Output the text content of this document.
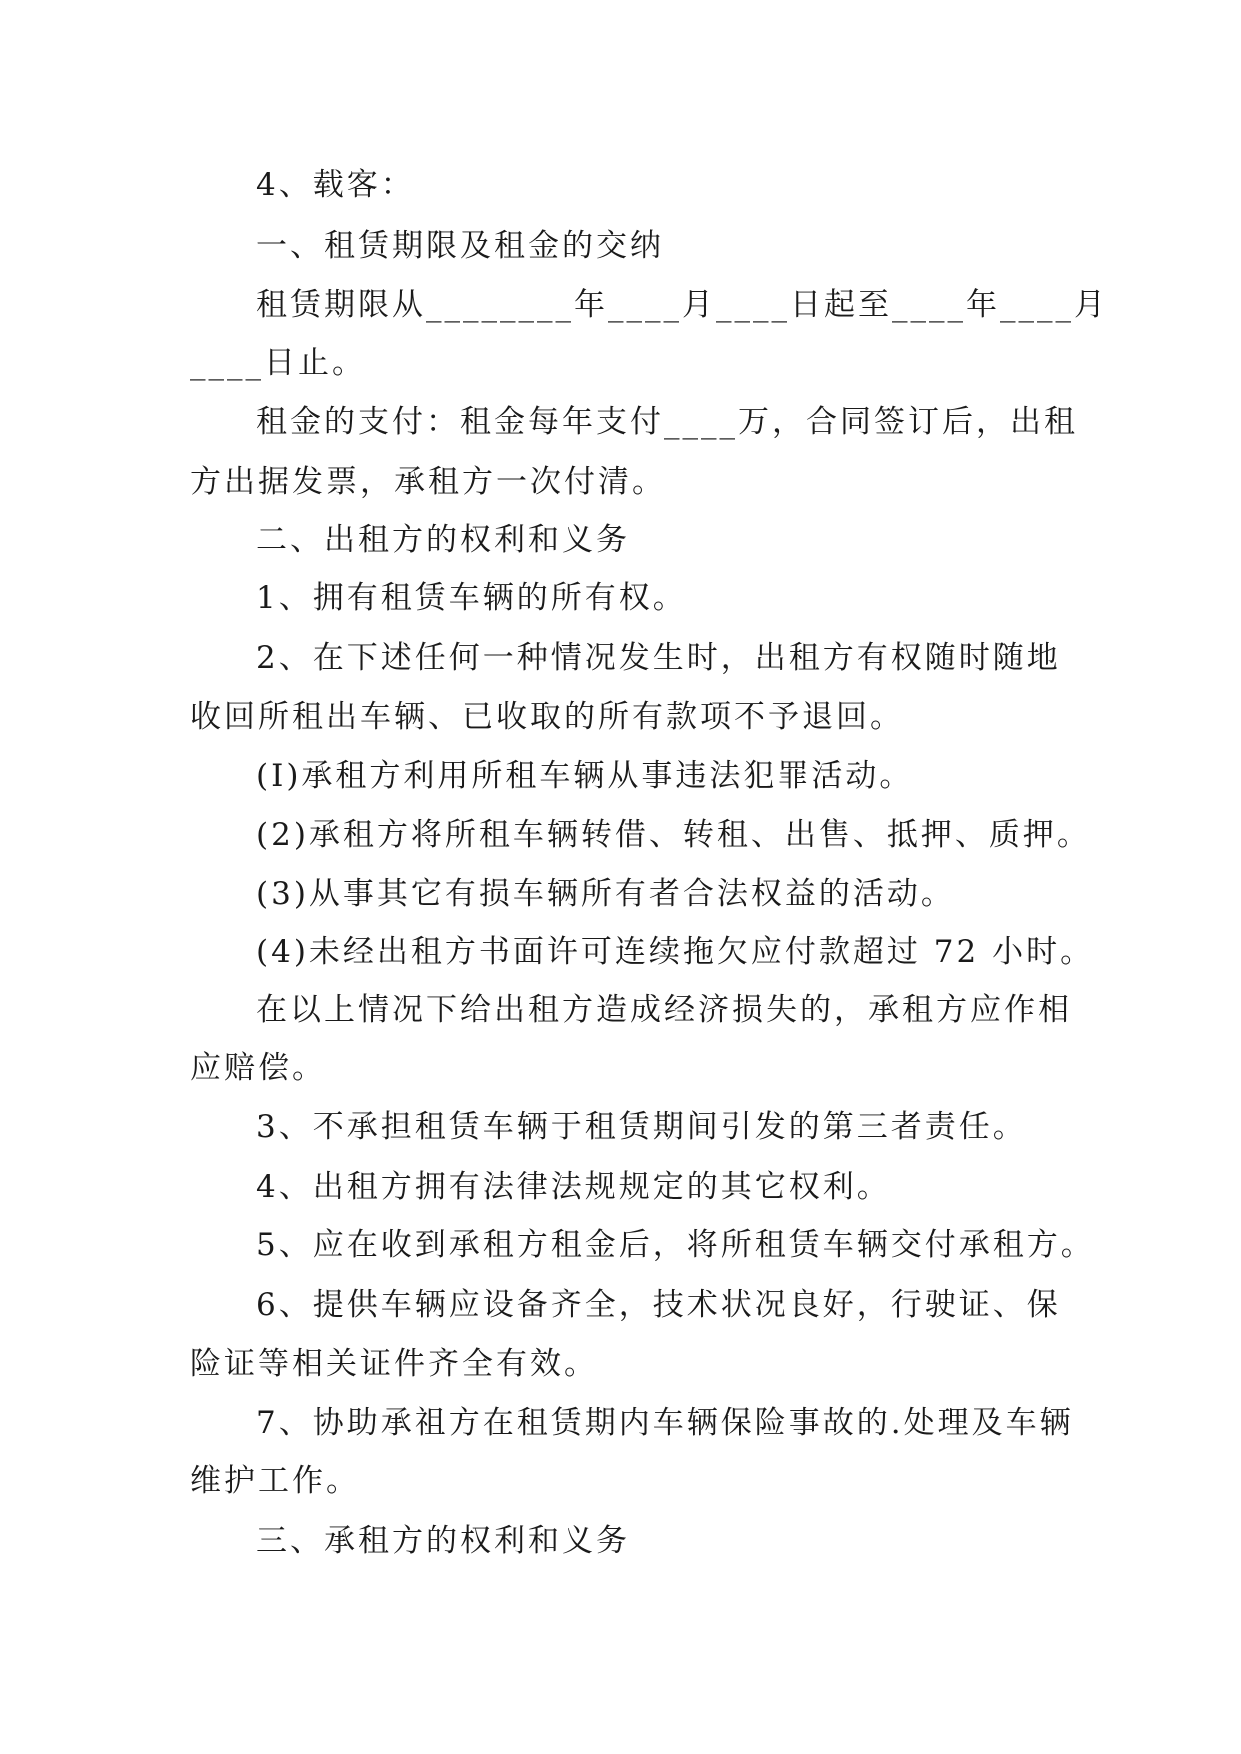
4、载客：
一、租赁期限及租金的交纳
租赁期限从________年____月____日起至____年____月
____日止。
租金的支付：租金每年支付____万，合同签订后，出租
方出据发票，承租方一次付清。
二、出租方的权利和义务
1、拥有租赁车辆的所有权。
2、在下述任何一种情况发生时，出租方有权随时随地
收回所租出车辆、已收取的所有款项不予退回。
(I)承租方利用所租车辆从事违法犯罪活动。
(2)承租方将所租车辆转借、转租、出售、抵押、质押。
(3)从事其它有损车辆所有者合法权益的活动。
(4)未经出租方书面许可连续拖欠应付款超过 72 小时。
在以上情况下给出租方造成经济损失的，承租方应作相
应赔偿。
3、不承担租赁车辆于租赁期间引发的第三者责任。
4、出租方拥有法律法规规定的其它权利。
5、应在收到承租方租金后，将所租赁车辆交付承租方。
6、提供车辆应设备齐全，技术状况良好，行驶证、保
险证等相关证件齐全有效。
7、协助承祖方在租赁期内车辆保险事故的.处理及车辆
维护工作。
三、承租方的权利和义务
